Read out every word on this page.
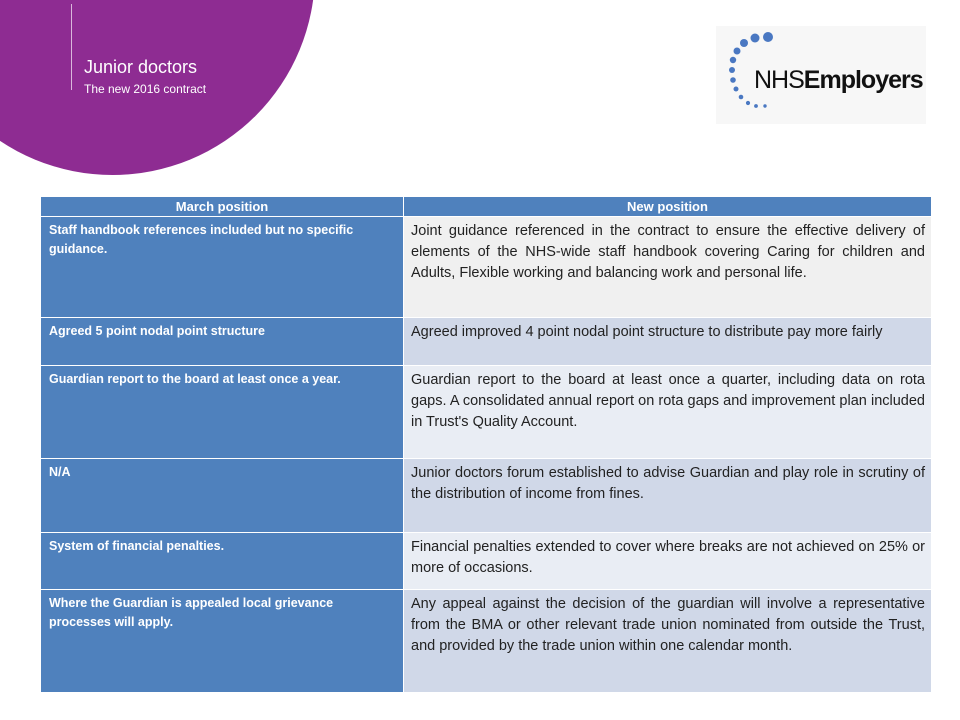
Junior doctors
The new 2016 contract	NHSEmployers
March position	New position
Staff handbook references included but no specific guidance.	Joint guidance referenced in the contract to ensure the effective delivery of elements of the NHS-wide staff handbook covering Caring for children and Adults, Flexible working and balancing work and personal life.
Agreed 5 point nodal point structure	Agreed improved 4 point nodal point structure to distribute pay more fairly
Guardian report to the board at least once a year.	Guardian report to the board at least once a quarter, including data on rota gaps. A consolidated annual report on rota gaps and improvement plan included in Trust's Quality Account.
N/A	Junior doctors forum established to advise Guardian and play role in scrutiny of the distribution of income from fines.
System of financial penalties.	Financial penalties extended to cover where breaks are not achieved on 25% or more of occasions.
Where the Guardian is appealed local grievance processes will apply.	Any appeal against the decision of the guardian will involve a representative from the BMA or other relevant trade union nominated from outside the Trust, and provided by the trade union within one calendar month.
